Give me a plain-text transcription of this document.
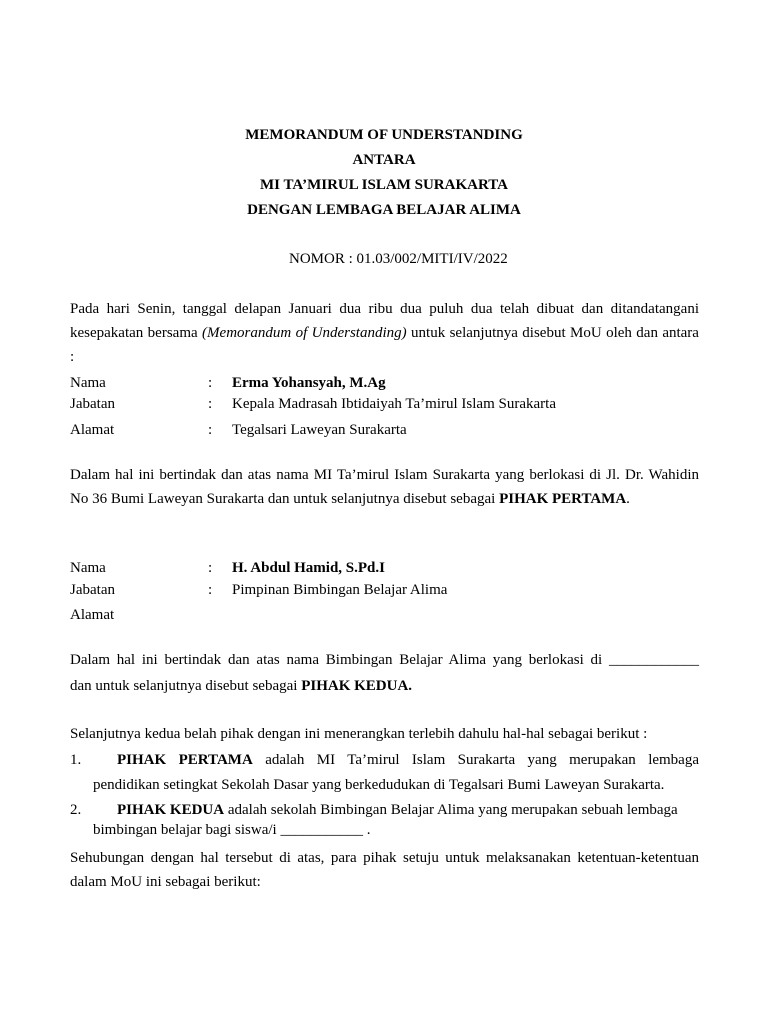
MEMORANDUM OF UNDERSTANDING
ANTARA
MI TA’MIRUL ISLAM SURAKARTA
DENGAN LEMBAGA BELAJAR ALIMA
NOMOR : 01.03/002/MITI/IV/2022
Pada hari Senin, tanggal delapan Januari dua ribu dua puluh dua telah dibuat dan ditandatangani kesepakatan bersama (Memorandum of Understanding) untuk selanjutnya disebut MoU oleh dan antara :
Nama	: Erma Yohansyah, M.Ag
Jabatan	: Kepala Madrasah Ibtidaiyah Ta’mirul Islam Surakarta
Alamat	: Tegalsari Laweyan Surakarta
Dalam hal ini bertindak dan atas nama MI Ta’mirul Islam Surakarta yang berlokasi di Jl. Dr. Wahidin No 36 Bumi Laweyan Surakarta dan untuk selanjutnya disebut sebagai PIHAK PERTAMA.
Nama	: H. Abdul Hamid, S.Pd.I
Jabatan	: Pimpinan Bimbingan Belajar Alima
Alamat
Dalam hal ini bertindak dan atas nama Bimbingan Belajar Alima yang berlokasi di ____________
dan untuk selanjutnya disebut sebagai PIHAK KEDUA.
Selanjutnya kedua belah pihak dengan ini menerangkan terlebih dahulu hal-hal sebagai berikut :
1. PIHAK PERTAMA adalah MI Ta’mirul Islam Surakarta yang merupakan lembaga
pendidikan setingkat Sekolah Dasar yang berkedudukan di Tegalsari Bumi Laweyan Surakarta.
2. PIHAK KEDUA adalah sekolah Bimbingan Belajar Alima yang merupakan sebuah lembaga
bimbingan belajar bagi siswa/i ___________ .
Sehubungan dengan hal tersebut di atas, para pihak setuju untuk melaksanakan ketentuan-ketentuan dalam MoU ini sebagai berikut:
